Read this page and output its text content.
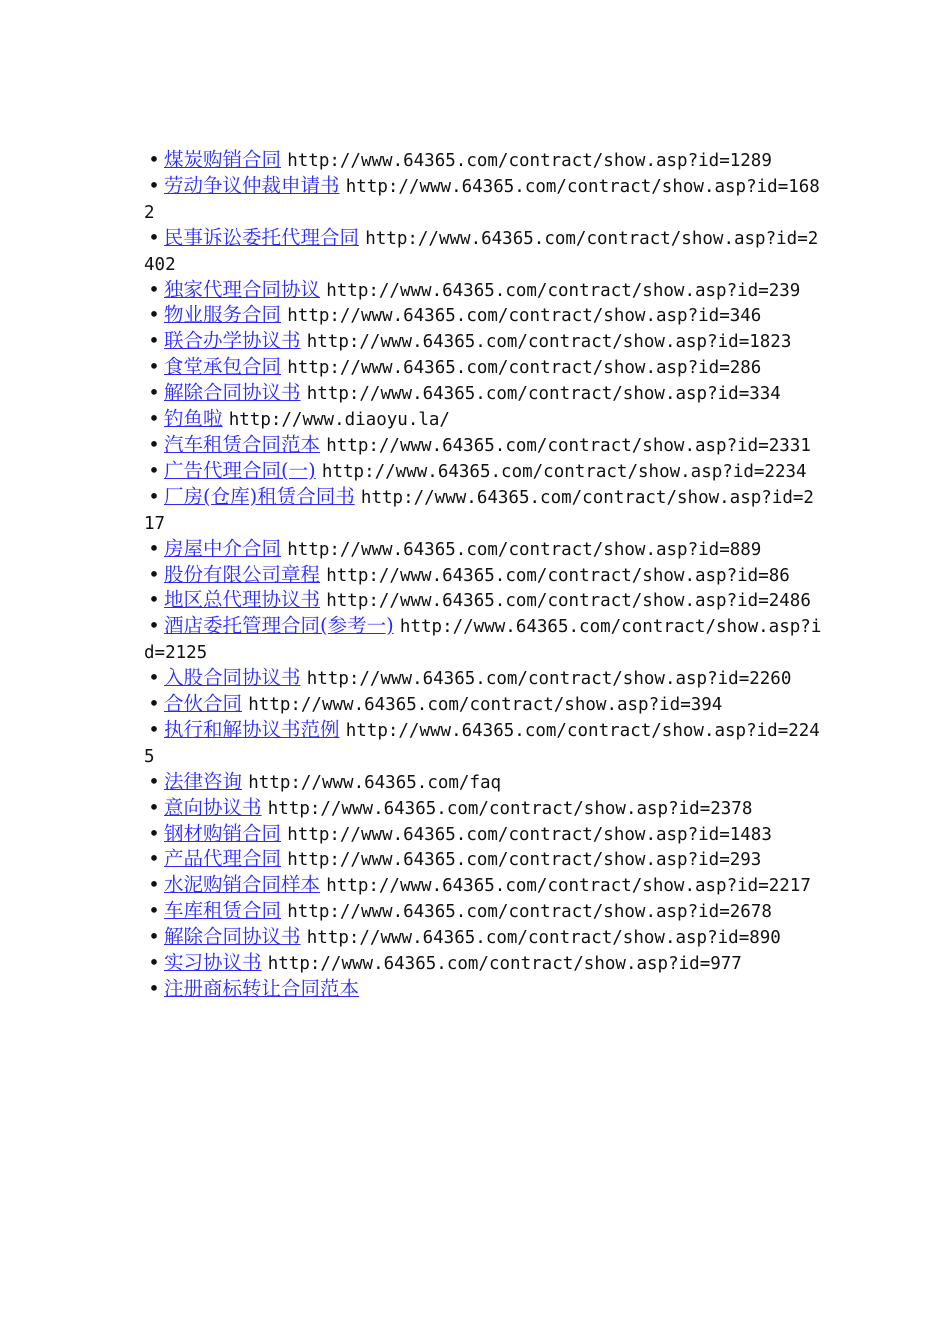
• 煤炭购销合同 http://www.64365.com/contract/show.asp?id=1289

• 劳动争议仲裁申请书 http://www.64365.com/contract/show.asp?id=1682

• 民事诉讼委托代理合同 http://www.64365.com/contract/show.asp?id=2402

• 独家代理合同协议 http://www.64365.com/contract/show.asp?id=239

• 物业服务合同 http://www.64365.com/contract/show.asp?id=346

• 联合办学协议书 http://www.64365.com/contract/show.asp?id=1823

• 食堂承包合同 http://www.64365.com/contract/show.asp?id=286

• 解除合同协议书 http://www.64365.com/contract/show.asp?id=334

• 钓鱼啦 http://www.diaoyu.la/

• 汽车租赁合同范本 http://www.64365.com/contract/show.asp?id=2331

• 广告代理合同(一) http://www.64365.com/contract/show.asp?id=2234

• 厂房(仓库)租赁合同书 http://www.64365.com/contract/show.asp?id=217

• 房屋中介合同 http://www.64365.com/contract/show.asp?id=889

• 股份有限公司章程 http://www.64365.com/contract/show.asp?id=86

• 地区总代理协议书 http://www.64365.com/contract/show.asp?id=2486

• 酒店委托管理合同(参考一) http://www.64365.com/contract/show.asp?id=2125

• 入股合同协议书 http://www.64365.com/contract/show.asp?id=2260

• 合伙合同 http://www.64365.com/contract/show.asp?id=394

• 执行和解协议书范例 http://www.64365.com/contract/show.asp?id=2245

• 法律咨询 http://www.64365.com/faq

• 意向协议书 http://www.64365.com/contract/show.asp?id=2378

• 钢材购销合同 http://www.64365.com/contract/show.asp?id=1483

• 产品代理合同 http://www.64365.com/contract/show.asp?id=293

• 水泥购销合同样本 http://www.64365.com/contract/show.asp?id=2217

• 车库租赁合同 http://www.64365.com/contract/show.asp?id=2678

• 解除合同协议书 http://www.64365.com/contract/show.asp?id=890

• 实习协议书 http://www.64365.com/contract/show.asp?id=977

• 注册商标转让合同范本
